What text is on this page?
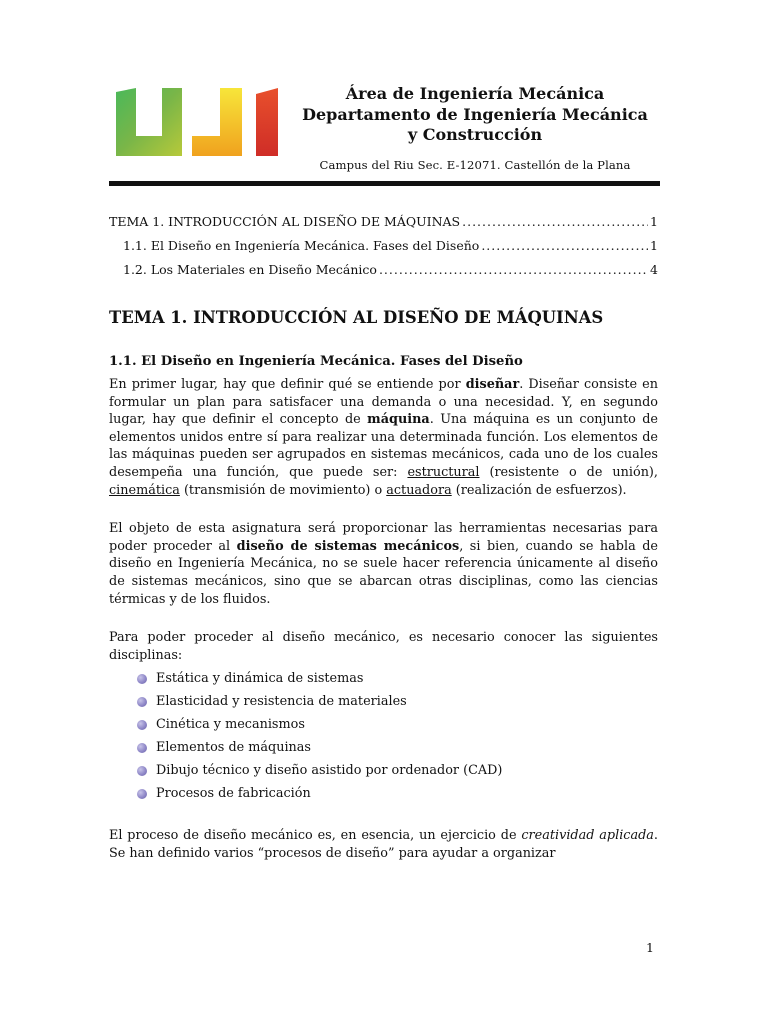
Área de Ingeniería Mecánica
Departamento de Ingeniería Mecánica
y Construcción
Campus del Riu Sec. E-12071. Castellón de la Plana
TEMA 1. INTRODUCCIÓN AL DISEÑO DE MÁQUINAS .....	1
1.1. El Diseño en Ingeniería Mecánica. Fases del Diseño .....	1
1.2. Los Materiales en Diseño Mecánico .....	4
TEMA 1. INTRODUCCIÓN AL DISEÑO DE MÁQUINAS
1.1. El Diseño en Ingeniería Mecánica. Fases del Diseño

En primer lugar, hay que definir qué se entiende por diseñar. Diseñar consiste en formular un plan para satisfacer una demanda o una necesidad. Y, en segundo lugar, hay que definir el concepto de máquina. Una máquina es un conjunto de elementos unidos entre sí para realizar una determinada función. Los elementos de las máquinas pueden ser agrupados en sistemas mecánicos, cada uno de los cuales desempeña una función, que puede ser: estructural (resistente o de unión), cinemática (transmisión de movimiento) o actuadora (realización de esfuerzos).

El objeto de esta asignatura será proporcionar las herramientas necesarias para poder proceder al diseño de sistemas mecánicos, si bien, cuando se habla de diseño en Ingeniería Mecánica, no se suele hacer referencia únicamente al diseño de sistemas mecánicos, sino que se abarcan otras disciplinas, como las ciencias térmicas y de los fluidos.

Para poder proceder al diseño mecánico, es necesario conocer las siguientes disciplinas:

Estática y dinámica de sistemas
Elasticidad y resistencia de materiales
Cinética y mecanismos
Elementos de máquinas
Dibujo técnico y diseño asistido por ordenador (CAD)
Procesos de fabricación

El proceso de diseño mecánico es, en esencia, un ejercicio de creatividad aplicada. Se han definido varios “procesos de diseño” para ayudar a organizar

1
